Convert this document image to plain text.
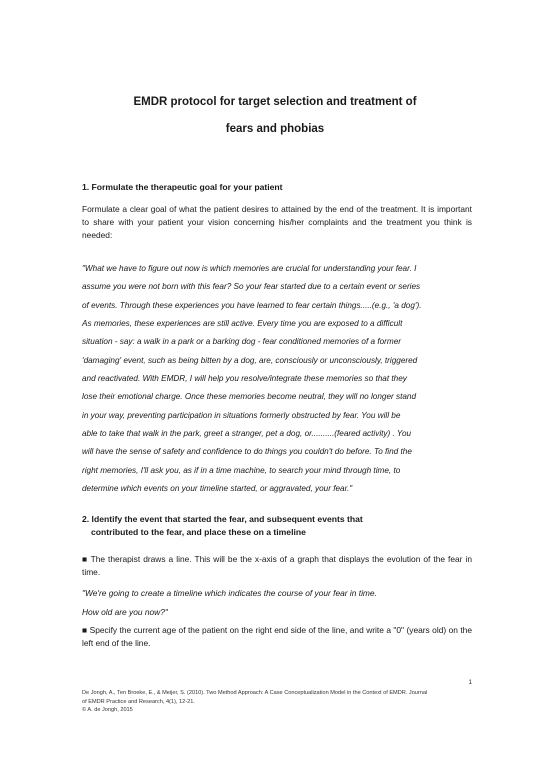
EMDR protocol for target selection and treatment of
fears and phobias
1. Formulate the therapeutic goal for your patient
Formulate a clear goal of what the patient desires to attained by the end of the treatment. It is important to share with your patient your vision concerning his/her complaints and the treatment you think is needed:
"What we have to figure out now is which memories are crucial for understanding your fear. I
assume you were not born with this fear? So your fear started due to a certain event or series
of events. Through these experiences you have learned to fear certain things.....(e.g., 'a dog').
As memories, these experiences are still active. Every time you are exposed to a difficult
situation - say: a walk in a park or a barking dog - fear conditioned memories of a former
'damaging' event, such as being bitten by a dog, are, consciously or unconsciously, triggered
and reactivated. With EMDR, I will help you resolve/integrate these memories so that they
lose their emotional charge. Once these memories become neutral, they will no longer stand
in your way, preventing participation in situations formerly obstructed by fear. You will be
able to take that walk in the park, greet a stranger, pet a dog, or..........(feared activity) . You
will have the sense of safety and confidence to do things you couldn't do before. To find the
right memories, I'll ask you, as if in a time machine, to search your mind through time, to
determine which events on your timeline started, or aggravated, your fear."
2. Identify the event that started the fear, and subsequent events that
contributed to the fear, and place these on a timeline
■ The therapist draws a line. This will be the x-axis of a graph that displays the evolution of the fear in time.
"We're going to create a timeline which indicates the course of your fear in time.
How old are you now?"
■ Specify the current age of the patient on the right end side of the line, and write a "0" (years old) on the left end of the line.
1
De Jongh, A., Ten Broeke, E., & Meijer, S. (2010). Two Method Approach: A Case Conceptualization Model in the Context of EMDR. Journal
of EMDR Practice and Research, 4(1), 12-21.
© A. de Jongh, 2015
